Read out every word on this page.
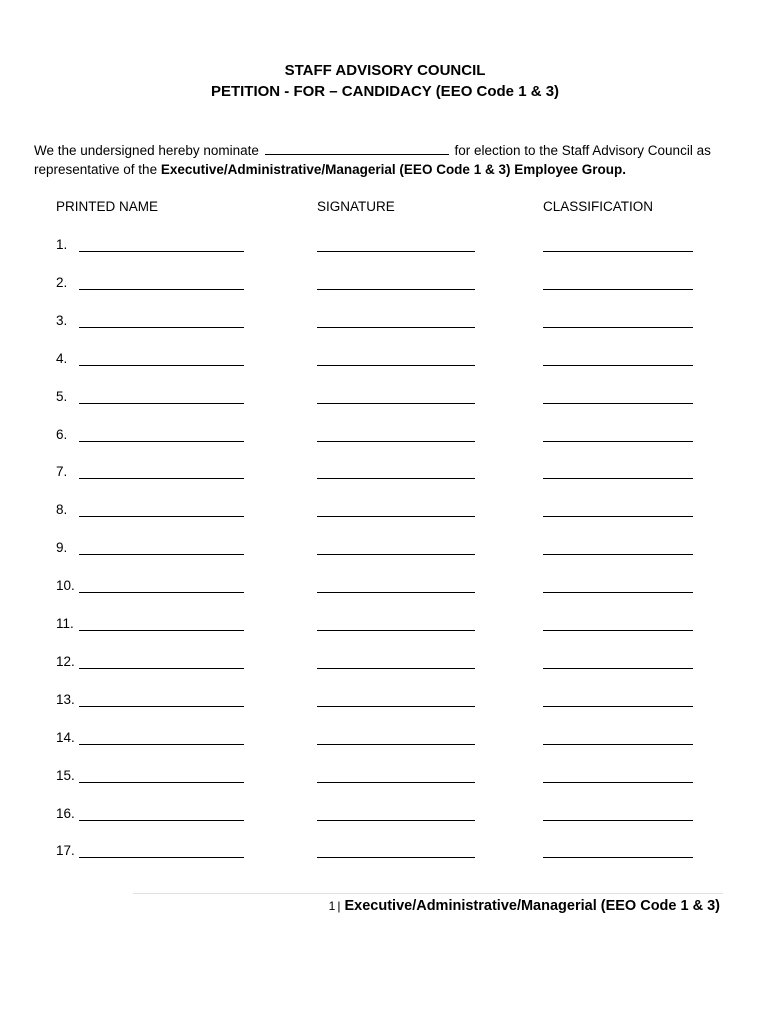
STAFF ADVISORY COUNCIL
PETITION - FOR – CANDIDACY (EEO Code 1 & 3)
We the undersigned hereby nominate	for election to the Staff Advisory Council as
representative of the Executive/Administrative/Managerial (EEO Code 1 & 3) Employee Group.
PRINTED NAME	SIGNATURE	CLASSIFICATION
1.
2.
3.
4.
5.
6.
7.
8.
9.
10.
11.
12.
13.
14.
15.
16.
17.
1 | Executive/Administrative/Managerial (EEO Code 1 & 3)
